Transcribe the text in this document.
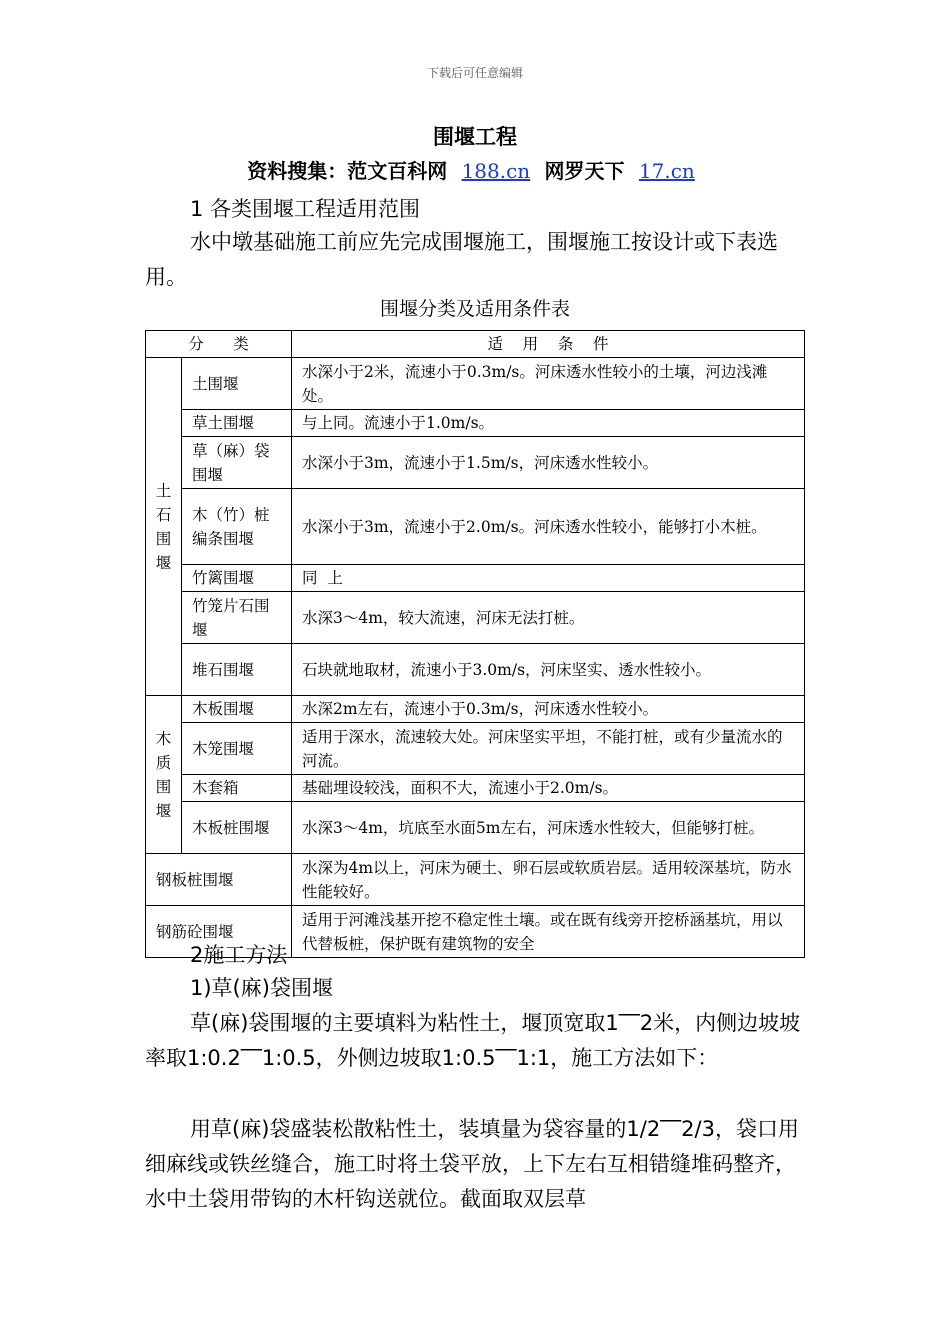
下载后可任意编辑
围堰工程
资料搜集：范文百科网 188.cn 网罗天下 17.cn
1 各类围堰工程适用范围
水中墩基础施工前应先完成围堰施工，围堰施工按设计或下表选用。
围堰分类及适用条件表
分      类		适    用    条    件

土石围堰	土围堰	水深小于2米，流速小于0.3m/s。河床透水性较小的土壤，河边浅滩处。
	草土围堰	与上同。流速小于1.0m/s。
	草（麻）袋围堰	水深小于3m，流速小于1.5m/s，河床透水性较小。
	木（竹）桩编条围堰	水深小于3m，流速小于2.0m/s。河床透水性较小，能够打小木桩。
	竹篱围堰	同  上
	竹笼片石围堰	水深3～4m，较大流速，河床无法打桩。
	堆石围堰	石块就地取材，流速小于3.0m/s，河床坚实、透水性较小。

木质围堰	木板围堰	水深2m左右，流速小于0.3m/s，河床透水性较小。
	木笼围堰	适用于深水，流速较大处。河床坚实平坦，不能打桩，或有少量流水的河流。
	木套箱	基础埋设较浅，面积不大，流速小于2.0m/s。
	木板桩围堰	水深3～4m，坑底至水面5m左右，河床透水性较大，但能够打桩。
钢板桩围堰		水深为4m以上，河床为硬土、卵石层或软质岩层。适用较深基坑，防水性能较好。
钢筋砼围堰		适用于河滩浅基开挖不稳定性土壤。或在既有线旁开挖桥涵基坑，用以代替板桩，保护既有建筑物的安全
2施工方法
1)草(麻)袋围堰
草(麻)袋围堰的主要填料为粘性土，堰顶宽取1‾‾2米，内侧边坡坡率取1:0.2‾‾1:0.5，外侧边坡取1:0.5‾‾1:1，施工方法如下：
用草(麻)袋盛装松散粘性土，装填量为袋容量的1/2‾‾2/3，袋口用细麻线或铁丝缝合，施工时将土袋平放，上下左右互相错缝堆码整齐，水中土袋用带钩的木杆钩送就位。截面取双层草
